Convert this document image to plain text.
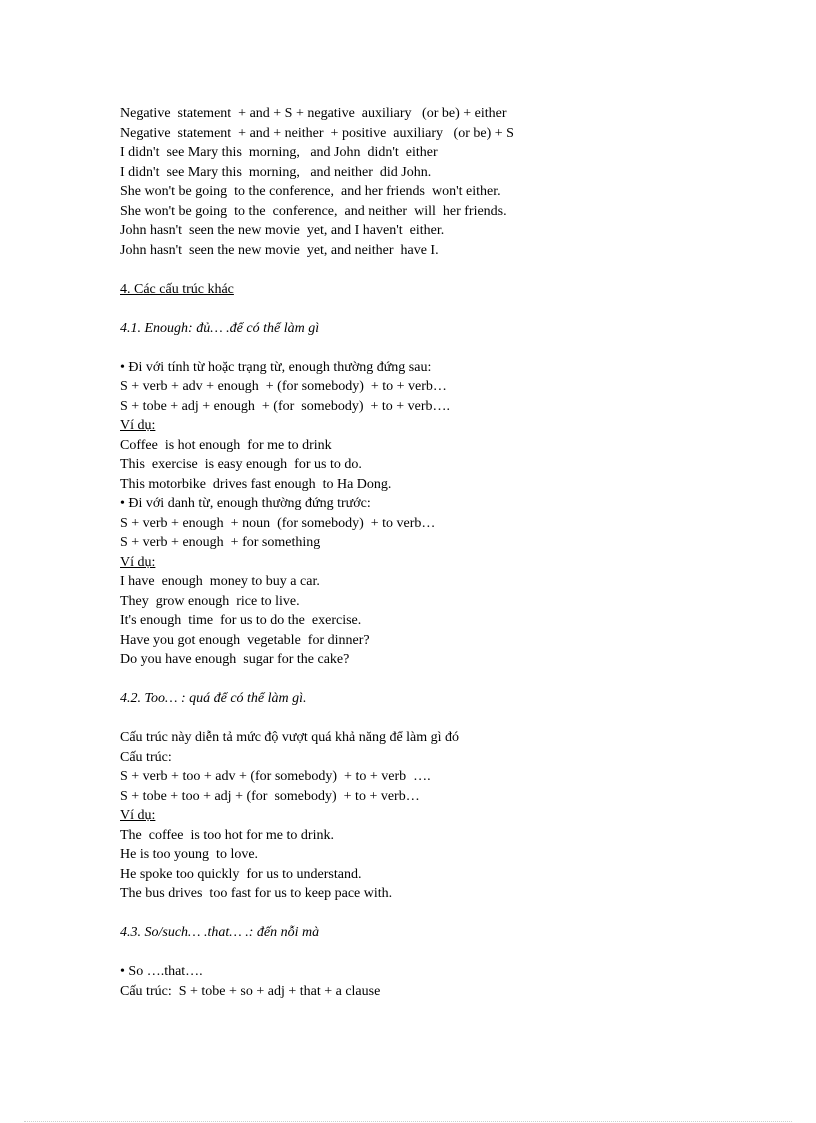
Negative  statement  + and + S + negative  auxiliary   (or be) + either
Negative  statement  + and + neither  + positive  auxiliary   (or be) + S
I didn't  see Mary this  morning,   and John  didn't  either
I didn't  see Mary this  morning,   and neither  did John.
She won't be going  to the conference,  and her friends  won't either.
She won't be going  to the  conference,  and neither  will  her friends.
John hasn't  seen the new movie  yet, and I haven't  either.
John hasn't  seen the new movie  yet, and neither  have I.
4. Các cấu trúc khác
4.1. Enough: đủ… .để có thể làm gì
• Đi với tính từ hoặc trạng từ, enough thường đứng sau:
S + verb + adv + enough  + (for somebody)  + to + verb…
S + tobe + adj + enough  + (for  somebody)  + to + verb….
Ví dụ:
Coffee  is hot enough  for me to drink
This  exercise  is easy enough  for us to do.
This motorbike  drives fast enough  to Ha Dong.
• Đi với danh từ, enough thường đứng trước:
S + verb + enough  + noun  (for somebody)  + to verb…
S + verb + enough  + for something
Ví dụ:
I have  enough  money to buy a car.
They  grow enough  rice to live.
It's enough  time  for us to do the  exercise.
Have you got enough  vegetable  for dinner?
Do you have enough  sugar for the cake?
4.2. Too… : quá để có thể làm gì.
Cấu trúc này diễn tả mức độ vượt quá khả năng để làm gì đó
Cấu trúc:
S + verb + too + adv + (for somebody)  + to + verb  ….
S + tobe + too + adj + (for  somebody)  + to + verb…
Ví dụ:
The  coffee  is too hot for me to drink.
He is too young  to love.
He spoke too quickly  for us to understand.
The bus drives  too fast for us to keep pace with.
4.3. So/such… .that… .: đến nỗi mà
• So ….that….
Cấu trúc:  S + tobe + so + adj + that + a clause
